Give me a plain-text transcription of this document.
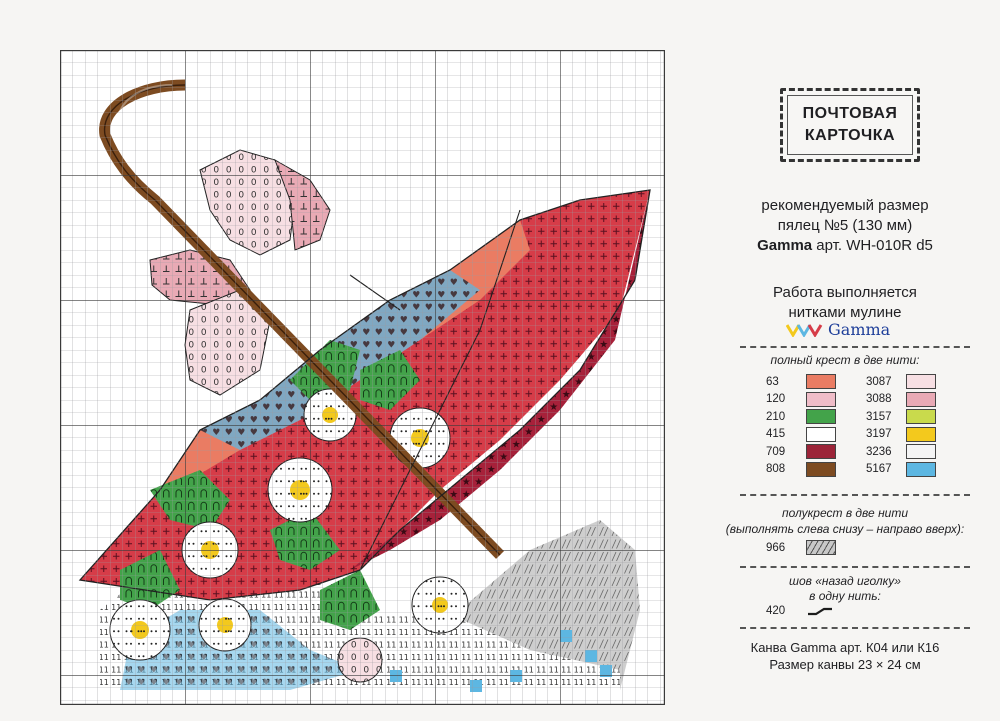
ПОЧТОВАЯ
КАРТОЧКА
рекомендуемый размер
пялец №5 (130 мм)
Gamma арт. WH-010R d5
Работа выполняется
нитками мулине
Gamma
полный крест в две нити:
63
120
210
415
709
808
3087
3088
3157
3197
3236
5167
полукрест в две нити
(выполнять слева снизу – направо вверх):
966
шов «назад иголку»
в одну нить:
420
Канва Gamma арт. К04 или К16
Размер канвы 23 × 24 см
